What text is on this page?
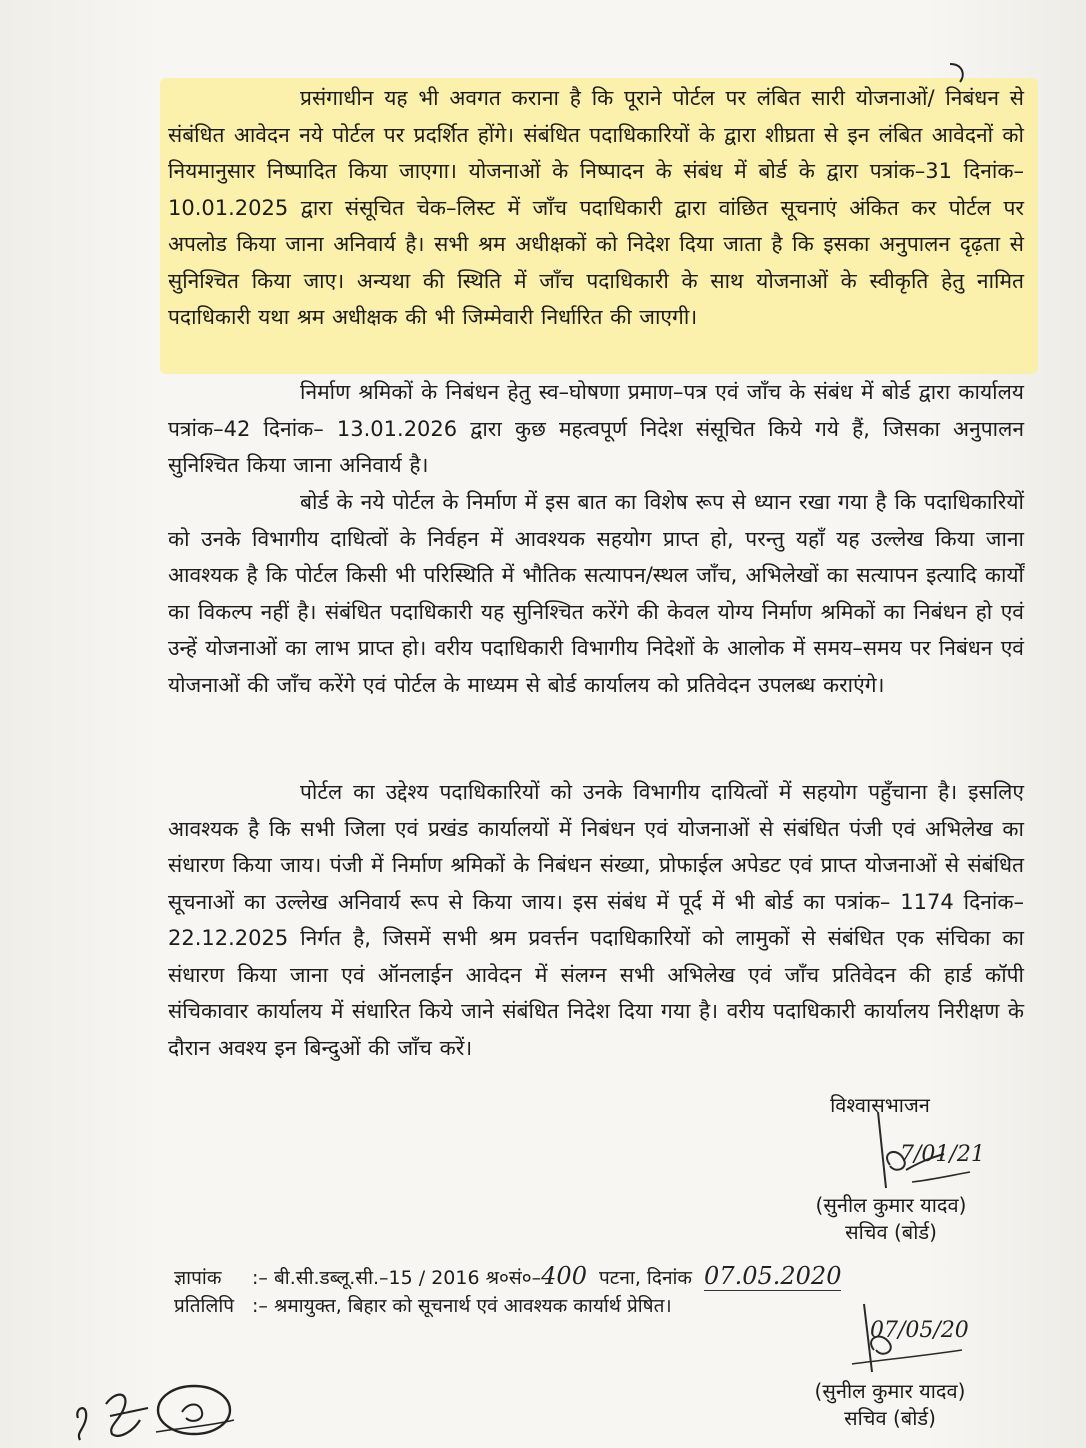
प्रसंगाधीन यह भी अवगत कराना है कि पूराने पोर्टल पर लंबित सारी योजनाओं/ निबंधन से संबंधित आवेदन नये पोर्टल पर प्रदर्शित होंगे। संबंधित पदाधिकारियों के द्वारा शीघ्रता से इन लंबित आवेदनों को नियमानुसार निष्पादित किया जाएगा। योजनाओं के निष्पादन के संबंध में बोर्ड के द्वारा पत्रांक–31 दिनांक–10.01.2025 द्वारा संसूचित चेक–लिस्ट में जाँच पदाधिकारी द्वारा वांछित सूचनाएं अंकित कर पोर्टल पर अपलोड किया जाना अनिवार्य है। सभी श्रम अधीक्षकों को निदेश दिया जाता है कि इसका अनुपालन दृढ़ता से सुनिश्चित किया जाए। अन्यथा की स्थिति में जाँच पदाधिकारी के साथ योजनाओं के स्वीकृति हेतु नामित पदाधिकारी यथा श्रम अधीक्षक की भी जिम्मेवारी निर्धारित की जाएगी।
निर्माण श्रमिकों के निबंधन हेतु स्व–घोषणा प्रमाण–पत्र एवं जाँच के संबंध में बोर्ड द्वारा कार्यालय पत्रांक–42 दिनांक– 13.01.2026 द्वारा कुछ महत्वपूर्ण निदेश संसूचित किये गये हैं, जिसका अनुपालन सुनिश्चित किया जाना अनिवार्य है।
बोर्ड के नये पोर्टल के निर्माण में इस बात का विशेष रूप से ध्यान रखा गया है कि पदाधिकारियों को उनके विभागीय दाधित्वों के निर्वहन में आवश्यक सहयोग प्राप्त हो, परन्तु यहाँ यह उल्लेख किया जाना आवश्यक है कि पोर्टल किसी भी परिस्थिति में भौतिक सत्यापन/स्थल जाँच, अभिलेखों का सत्यापन इत्यादि कार्यों का विकल्प नहीं है। संबंधित पदाधिकारी यह सुनिश्चित करेंगे की केवल योग्य निर्माण श्रमिकों का निबंधन हो एवं उन्हें योजनाओं का लाभ प्राप्त हो। वरीय पदाधिकारी विभागीय निदेशों के आलोक में समय–समय पर निबंधन एवं योजनाओं की जाँच करेंगे एवं पोर्टल के माध्यम से बोर्ड कार्यालय को प्रतिवेदन उपलब्ध कराएंगे।
पोर्टल का उद्देश्य पदाधिकारियों को उनके विभागीय दायित्वों में सहयोग पहुँचाना है। इसलिए आवश्यक है कि सभी जिला एवं प्रखंड कार्यालयों में निबंधन एवं योजनाओं से संबंधित पंजी एवं अभिलेख का संधारण किया जाय। पंजी में निर्माण श्रमिकों के निबंधन संख्या, प्रोफाईल अपेडट एवं प्राप्त योजनाओं से संबंधित सूचनाओं का उल्लेख अनिवार्य रूप से किया जाय। इस संबंध में पूर्द में भी बोर्ड का पत्रांक– 1174 दिनांक– 22.12.2025 निर्गत है, जिसमें सभी श्रम प्रवर्त्तन पदाधिकारियों को लामुकों से संबंधित एक संचिका का संधारण किया जाना एवं ऑनलाईन आवेदन में संलग्न सभी अभिलेख एवं जाँच प्रतिवेदन की हार्ड कॉपी संचिकावार कार्यालय में संधारित किये जाने संबंधित निदेश दिया गया है। वरीय पदाधिकारी कार्यालय निरीक्षण के दौरान अवश्य इन बिन्दुओं की जाँच करें।
विश्वासभाजन
7/01/21
(सुनील कुमार यादव)
सचिव (बोर्ड)
ज्ञापांक :– बी.सी.डब्लू.सी.–15 / 2016 श्र०सं०–400 पटना, दिनांक 07.05.2020
प्रतिलिपि :– श्रमायुक्त, बिहार को सूचनार्थ एवं आवश्यक कार्यार्थ प्रेषित।
07/05/20
(सुनील कुमार यादव)
सचिव (बोर्ड)
